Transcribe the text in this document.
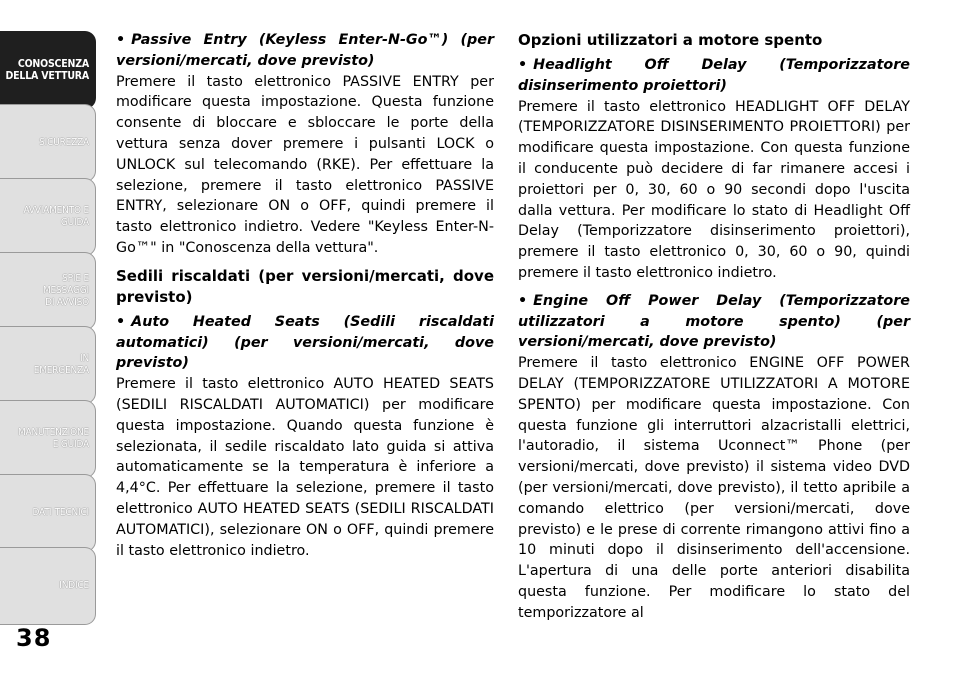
CONOSCENZA
DELLA VETTURA
SICUREZZA
AVVIAMENTO E
GUIDA
SPIE E
MESSAGGI
DI AVVISO
IN
EMERGENZA
MANUTENZIONE
E GUIDA
DATI TECNICI
INDICE
38

• Passive Entry (Keyless Enter-N-Go™) (per versioni/mercati, dove previsto)

Premere il tasto elettronico PASSIVE ENTRY per modificare questa impostazione. Questa funzione consente di bloccare e sbloccare le porte della vettura senza dover premere i pulsanti LOCK o UNLOCK sul telecomando (RKE). Per effettuare la selezione, premere il tasto elettronico PASSIVE ENTRY, selezionare ON o OFF, quindi premere il tasto elettronico indietro. Vedere "Keyless Enter-N-Go™" in "Conoscenza della vettura".

Sedili riscaldati (per versioni/mercati, dove previsto)

• Auto Heated Seats (Sedili riscaldati automatici) (per versioni/mercati, dove previsto)

Premere il tasto elettronico AUTO HEATED SEATS (SEDILI RISCALDATI AUTOMATICI) per modificare questa impostazione. Quando questa funzione è selezionata, il sedile riscaldato lato guida si attiva automaticamente se la temperatura è inferiore a 4,4°C. Per effettuare la selezione, premere il tasto elettronico AUTO HEATED SEATS (SEDILI RISCALDATI AUTOMATICI), selezionare ON o OFF, quindi premere il tasto elettronico indietro.

Opzioni utilizzatori a motore spento

• Headlight Off Delay (Temporizzatore disinserimento proiettori)

Premere il tasto elettronico HEADLIGHT OFF DELAY (TEMPORIZZATORE DISINSERIMENTO PROIETTORI) per modificare questa impostazione. Con questa funzione il conducente può decidere di far rimanere accesi i proiettori per 0, 30, 60 o 90 secondi dopo l'uscita dalla vettura. Per modificare lo stato di Headlight Off Delay (Temporizzatore disinserimento proiettori), premere il tasto elettronico 0, 30, 60 o 90, quindi premere il tasto elettronico indietro.

• Engine Off Power Delay (Temporizzatore utilizzatori a motore spento) (per versioni/mercati, dove previsto)

Premere il tasto elettronico ENGINE OFF POWER DELAY (TEMPORIZZATORE UTILIZZATORI A MOTORE SPENTO) per modificare questa impostazione. Con questa funzione gli interruttori alzacristalli elettrici, l'autoradio, il sistema Uconnect™ Phone (per versioni/mercati, dove previsto) il sistema video DVD (per versioni/mercati, dove previsto), il tetto apribile a comando elettrico (per versioni/mercati, dove previsto) e le prese di corrente rimangono attivi fino a 10 minuti dopo il disinserimento dell'accensione. L'apertura di una delle porte anteriori disabilita questa funzione. Per modificare lo stato del temporizzatore al
